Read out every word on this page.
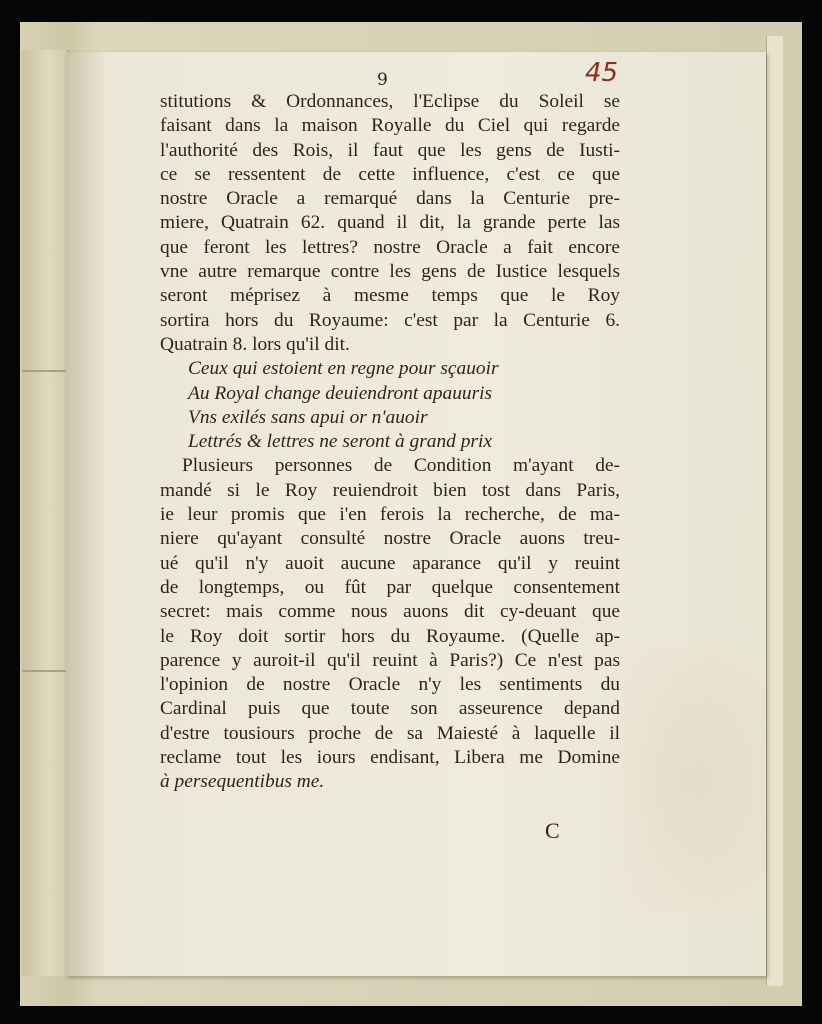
9	45
stitutions & Ordonnances, l'Eclipse du Soleil se
faisant dans la maison Royalle du Ciel qui regarde
l'authorité des Rois, il faut que les gens de Iusti-
ce se ressentent de cette influence, c'est ce que
nostre Oracle a remarqué dans la Centurie pre-
miere, Quatrain 62. quand il dit, la grande perte las
que feront les lettres? nostre Oracle a fait encore
vne autre remarque contre les gens de Iustice lesquels
seront méprisez à mesme temps que le Roy
sortira hors du Royaume: c'est par la Centurie 6.
Quatrain 8. lors qu'il dit.
Ceux qui estoient en regne pour sçauoir
Au Royal change deuiendront apauuris
Vns exilés sans apui or n'auoir
Lettrés & lettres ne seront à grand prix
Plusieurs personnes de Condition m'ayant de-
mandé si le Roy reuiendroit bien tost dans Paris,
ie leur promis que i'en ferois la recherche, de ma-
niere qu'ayant consulté nostre Oracle auons treu-
ué qu'il n'y auoit aucune aparance qu'il y reuint
de longtemps, ou fût par quelque consentement
secret: mais comme nous auons dit cy-deuant que
le Roy doit sortir hors du Royaume. (Quelle ap-
parence y auroit-il qu'il reuint à Paris?) Ce n'est pas
l'opinion de nostre Oracle n'y les sentiments du
Cardinal puis que toute son asseurence depand
d'estre tousiours proche de sa Maiesté à laquelle il
reclame tout les iours endisant, Libera me Domine
à persequentibus me.
C
